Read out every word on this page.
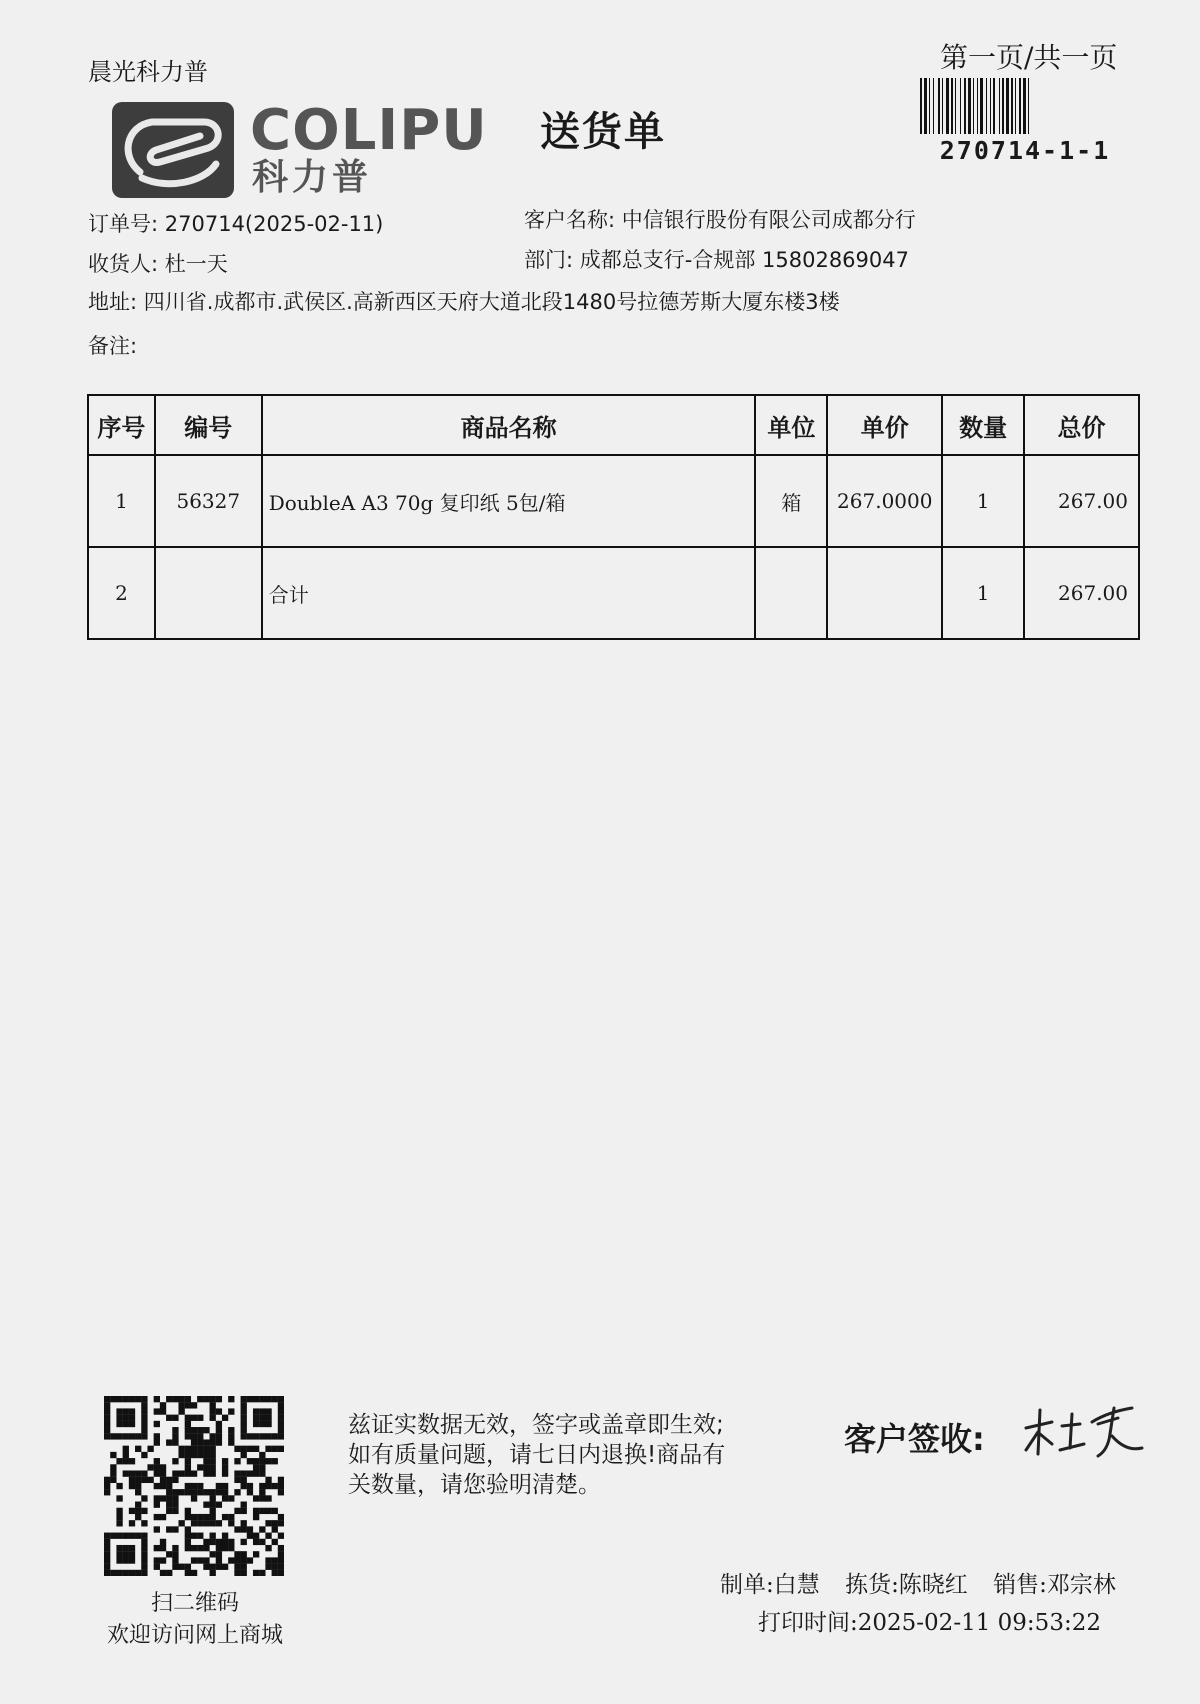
晨光科力普
COLIPU
科力普
送货单
第一页/共一页
270714-1-1
订单号: 270714(2025-02-11)	客户名称: 中信银行股份有限公司成都分行
收货人: 杜一天	部门: 成都总支行-合规部 15802869047
地址: 四川省.成都市.武侯区.高新西区天府大道北段1480号拉德芳斯大厦东楼3楼
备注:
序号	编号	商品名称	单位	单价	数量	总价
1	56327	DoubleA A3 70g 复印纸 5包/箱	箱	267.0000	1	267.00
2		合计			1	267.00
扫二维码
欢迎访问网上商城
兹证实数据无效，签字或盖章即生效;
如有质量问题，请七日内退换!商品有
关数量，请您验明清楚。
客户签收:
制单:白慧 拣货:陈晓红 销售:邓宗林
打印时间:2025-02-11 09:53:22
